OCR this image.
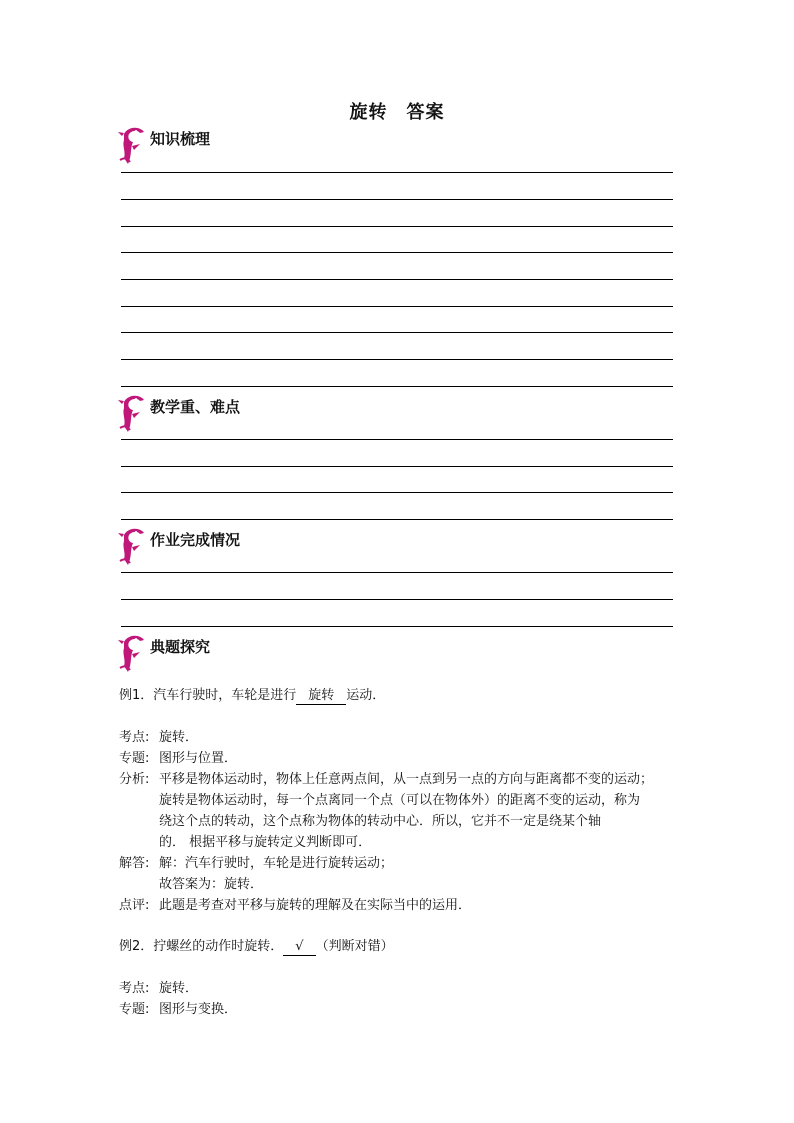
旋转　答案
知识梳理
教学重、难点
作业完成情况
典题探究
例1．汽车行驶时，车轮是进行 旋转 运动．
考点: 旋转．
专题: 图形与位置．
分析: 平移是物体运动时，物体上任意两点间，从一点到另一点的方向与距离都不变的运动；
旋转是物体运动时，每一个点离同一个点（可以在物体外）的距离不变的运动，称为
绕这个点的转动，这个点称为物体的转动中心．所以，它并不一定是绕某个轴
的． 根据平移与旋转定义判断即可．
解答: 解：汽车行驶时，车轮是进行旋转运动；
故答案为：旋转．
点评: 此题是考查对平移与旋转的理解及在实际当中的运用．
例2．拧螺丝的动作时旋转． √ （判断对错）
考点: 旋转．
专题: 图形与变换．
